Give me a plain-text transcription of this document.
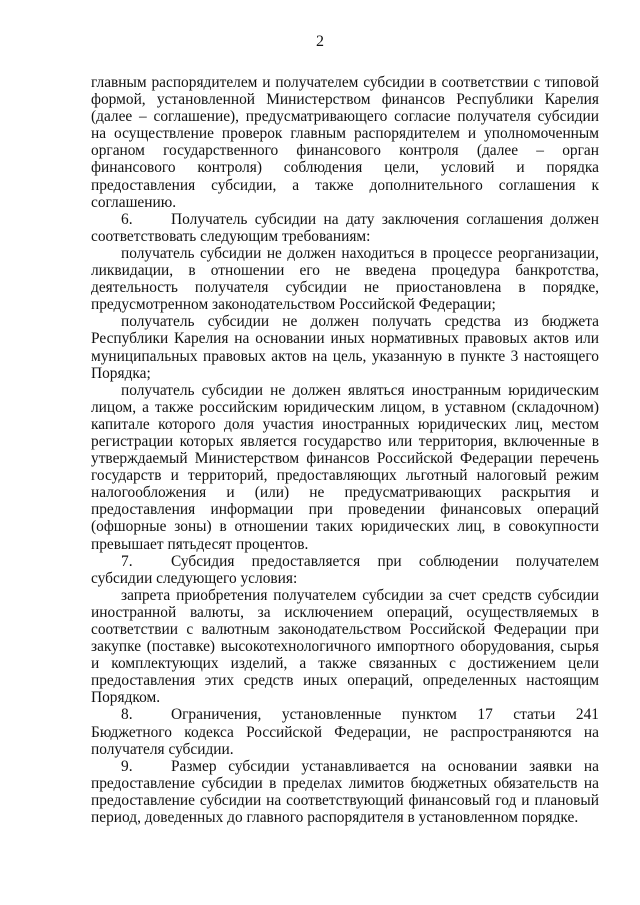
2

главным распорядителем и получателем субсидии в соответствии с типовой формой, установленной Министерством финансов Республики Карелия (далее – соглашение), предусматривающего согласие получателя субсидии на осуществление проверок главным распорядителем и уполномоченным органом государственного финансового контроля (далее – орган финансового контроля) соблюдения цели, условий и порядка предоставления субсидии, а также дополнительного соглашения к соглашению.

6. Получатель субсидии на дату заключения соглашения должен соответствовать следующим требованиям:

получатель субсидии не должен находиться в процессе реорганизации, ликвидации, в отношении его не введена процедура банкротства, деятельность получателя субсидии не приостановлена в порядке, предусмотренном законодательством Российской Федерации;

получатель субсидии не должен получать средства из бюджета Республики Карелия на основании иных нормативных правовых актов или муниципальных правовых актов на цель, указанную в пункте 3 настоящего Порядка;

получатель субсидии не должен являться иностранным юридическим лицом, а также российским юридическим лицом, в уставном (складочном) капитале которого доля участия иностранных юридических лиц, местом регистрации которых является государство или территория, включенные в утверждаемый Министерством финансов Российской Федерации перечень государств и территорий, предоставляющих льготный налоговый режим налогообложения и (или) не предусматривающих раскрытия и предоставления информации при проведении финансовых операций (офшорные зоны) в отношении таких юридических лиц, в совокупности превышает пятьдесят процентов.

7. Субсидия предоставляется при соблюдении получателем субсидии следующего условия:

запрета приобретения получателем субсидии за счет средств субсидии иностранной валюты, за исключением операций, осуществляемых в соответствии с валютным законодательством Российской Федерации при закупке (поставке) высокотехнологичного импортного оборудования, сырья и комплектующих изделий, а также связанных с достижением цели предоставления этих средств иных операций, определенных настоящим Порядком.

8. Ограничения, установленные пунктом 17 статьи 241 Бюджетного кодекса Российской Федерации, не распространяются на получателя субсидии.

9. Размер субсидии устанавливается на основании заявки на предоставление субсидии в пределах лимитов бюджетных обязательств на предоставление субсидии на соответствующий финансовый год и плановый период, доведенных до главного распорядителя в установленном порядке.
